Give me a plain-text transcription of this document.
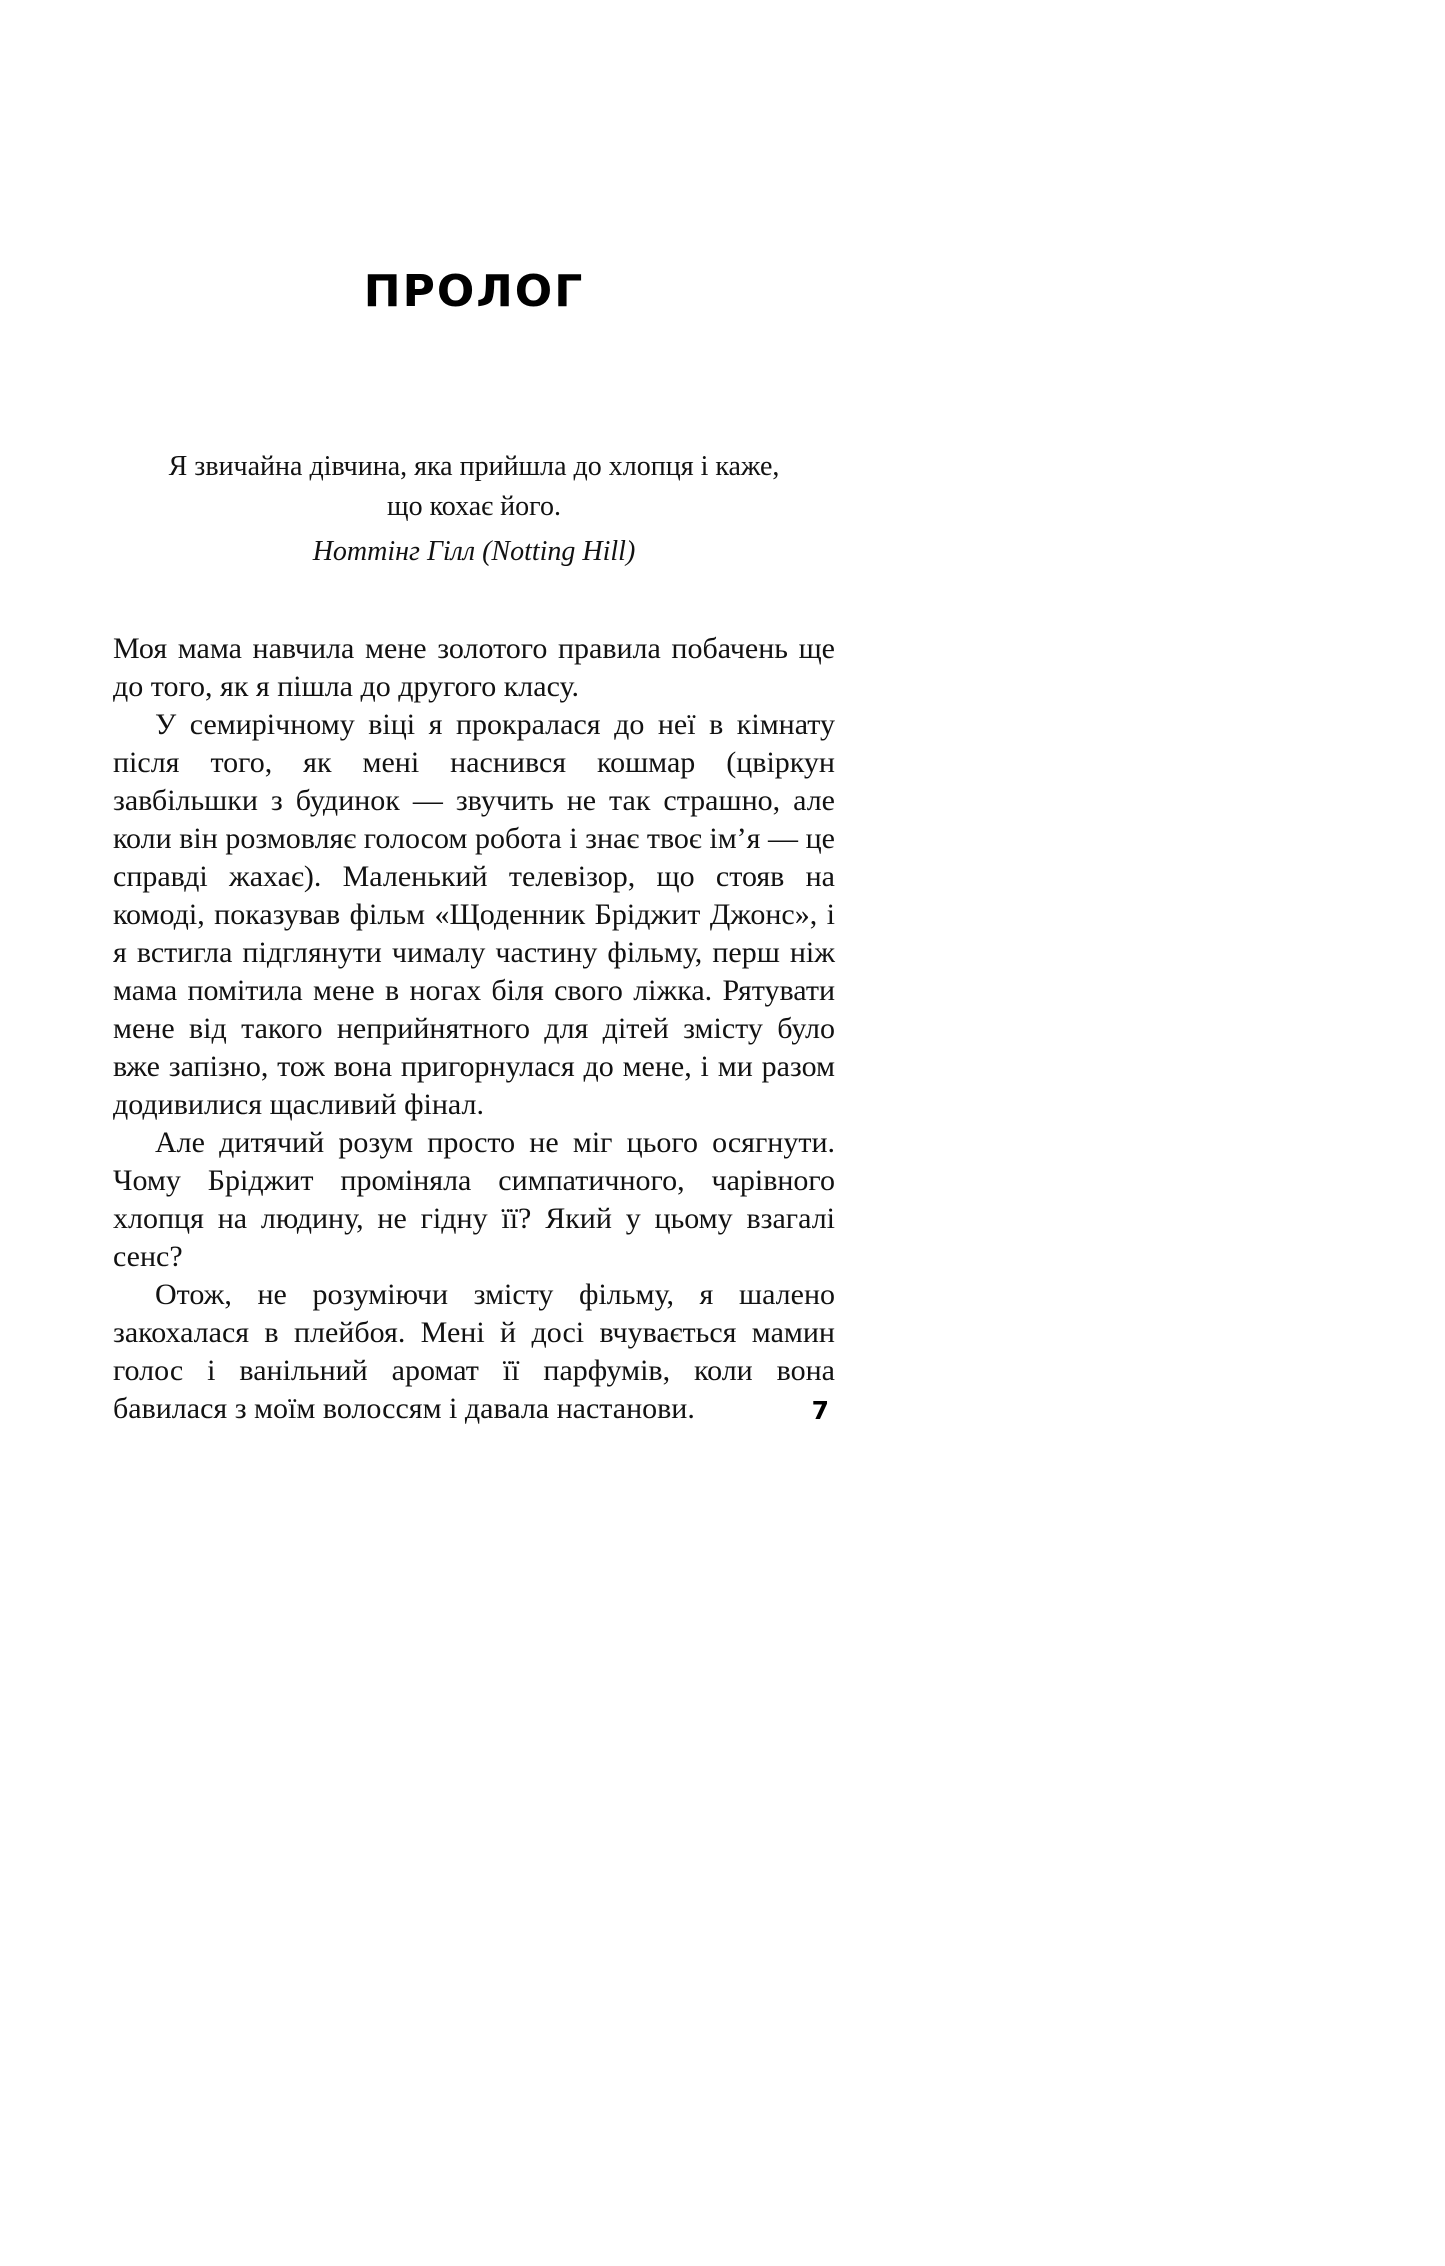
ПРОЛОГ
Я звичайна дівчина, яка прийшла до хлопця і каже,
що кохає його.
Ноттінг Гілл (Notting Hill)

Моя мама навчила мене золотого правила побачень ще до того, як я пішла до другого класу.

У семирічному віці я прокралася до неї в кімнату після того, як мені наснився кошмар (цвіркун завбільшки з будинок — звучить не так страшно, але коли він розмовляє голосом робота і знає твоє ім’я — це справді жахає). Маленький телевізор, що стояв на комоді, показував фільм «Щоденник Бріджит Джонс», і я встигла підглянути чималу частину фільму, перш ніж мама помітила мене в ногах біля свого ліжка. Рятувати мене від такого неприйнятного для дітей змісту було вже запізно, тож вона пригорнулася до мене, і ми разом додивилися щасливий фінал.

Але дитячий розум просто не міг цього осягнути. Чому Бріджит проміняла симпатичного, чарівного хлопця на людину, не гідну її? Який у цьому взагалі сенс?

Отож, не розуміючи змісту фільму, я шалено закохалася в плейбоя. Мені й досі вчувається мамин голос і ванільний аромат її парфумів, коли вона бавилася з моїм волоссям і давала настанови.	7
